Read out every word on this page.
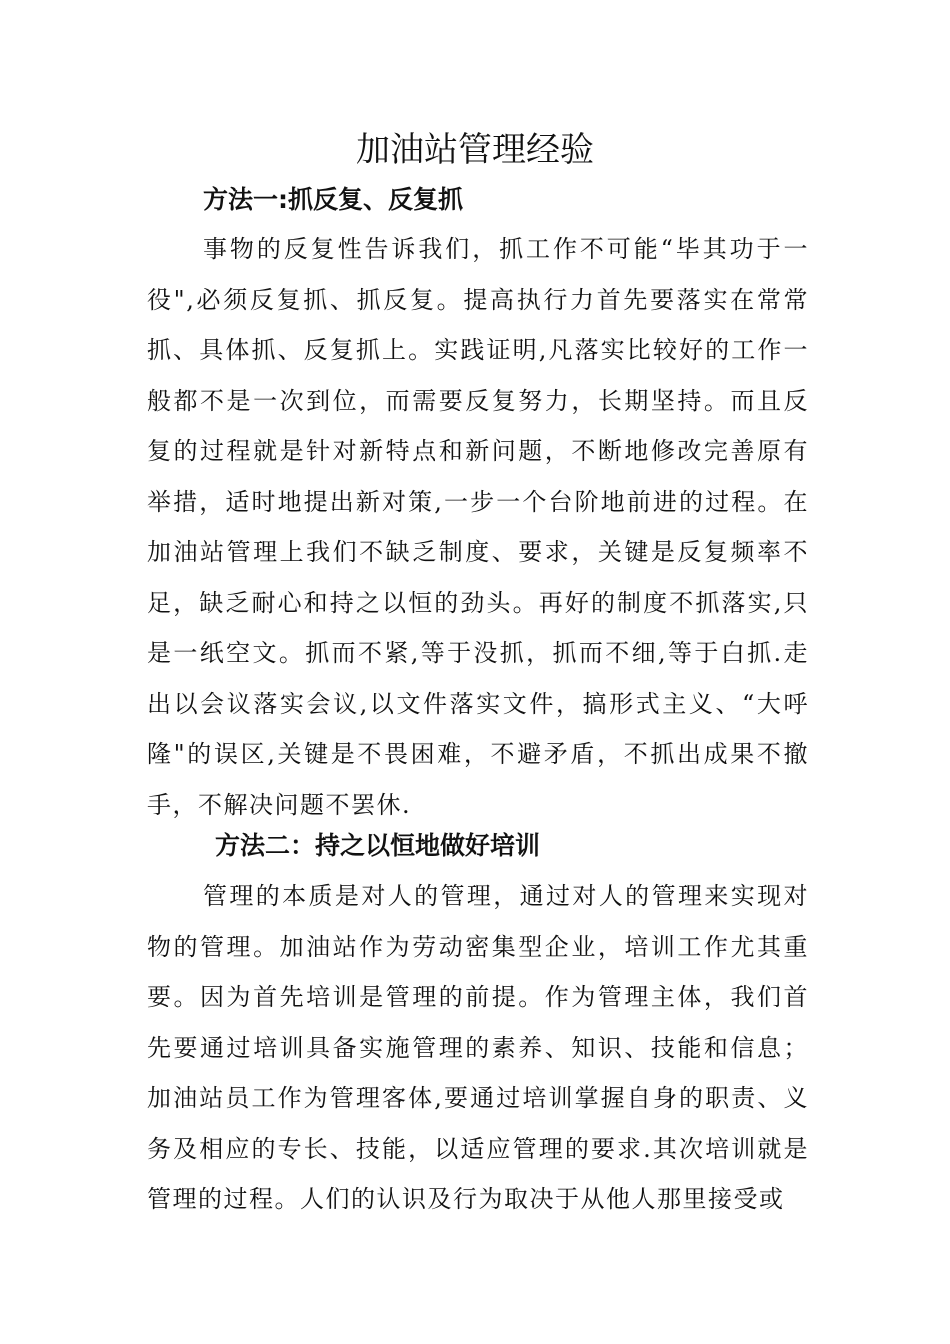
加油站管理经验
方法一:抓反复、反复抓

事物的反复性告诉我们，抓工作不可能“毕其功于一役",必须反复抓、抓反复。提高执行力首先要落实在常常抓、具体抓、反复抓上。实践证明,凡落实比较好的工作一般都不是一次到位，而需要反复努力，长期坚持。而且反复的过程就是针对新特点和新问题，不断地修改完善原有举措，适时地提出新对策,一步一个台阶地前进的过程。在加油站管理上我们不缺乏制度、要求，关键是反复频率不足，缺乏耐心和持之以恒的劲头。再好的制度不抓落实,只是一纸空文。抓而不紧,等于没抓，抓而不细,等于白抓.走出以会议落实会议,以文件落实文件，搞形式主义、“大呼隆"的误区,关键是不畏困难，不避矛盾，不抓出成果不撤手，不解决问题不罢休.

方法二：持之以恒地做好培训

管理的本质是对人的管理，通过对人的管理来实现对物的管理。加油站作为劳动密集型企业，培训工作尤其重要。因为首先培训是管理的前提。作为管理主体，我们首先要通过培训具备实施管理的素养、知识、技能和信息；加油站员工作为管理客体,要通过培训掌握自身的职责、义务及相应的专长、技能，以适应管理的要求.其次培训就是管理的过程。人们的认识及行为取决于从他人那里接受或
